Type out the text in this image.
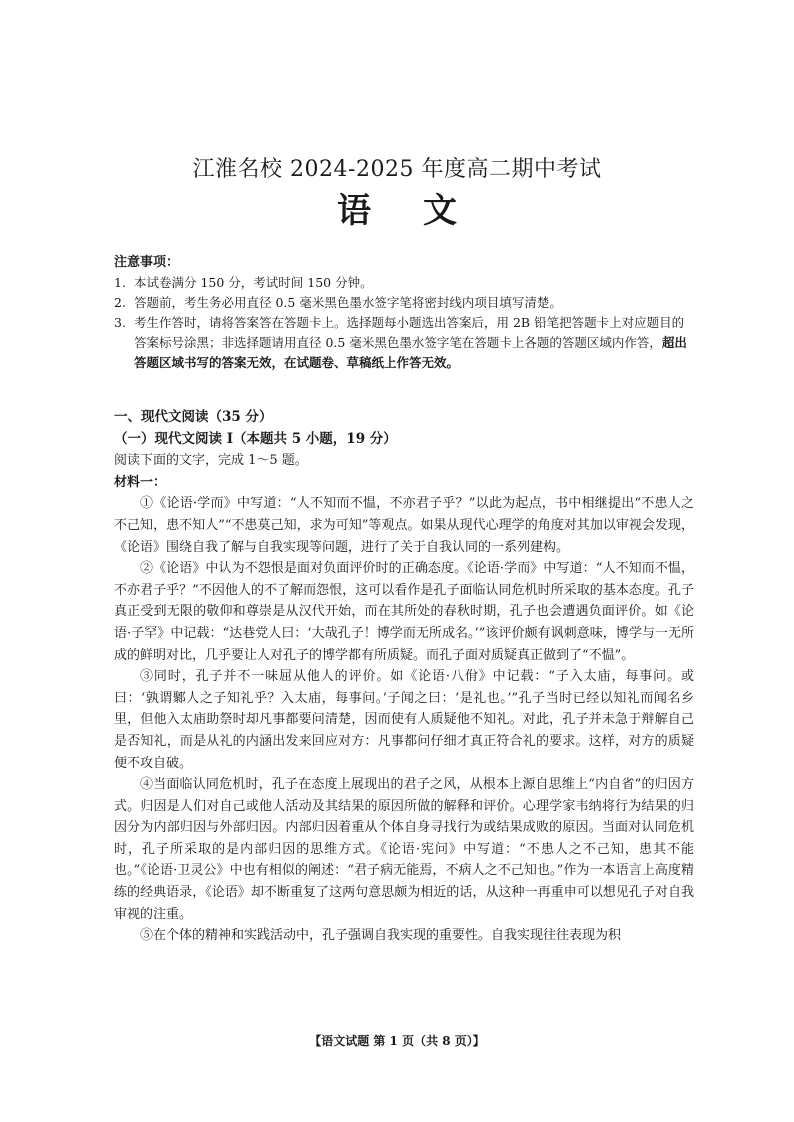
江淮名校 2024-2025 年度高二期中考试
语文
注意事项：
1. 本试卷满分 150 分，考试时间 150 分钟。
2. 答题前，考生务必用直径 0.5 毫米黑色墨水签字笔将密封线内项目填写清楚。
3. 考生作答时，请将答案答在答题卡上。选择题每小题选出答案后，用 2B 铅笔把答题卡上对应题目的答案标号涂黑；非选择题请用直径 0.5 毫米黑色墨水签字笔在答题卡上各题的答题区域内作答，超出答题区域书写的答案无效，在试题卷、草稿纸上作答无效。
一、现代文阅读（35 分）
（一）现代文阅读 I（本题共 5 小题，19 分）
阅读下面的文字，完成 1～5 题。
材料一：

①《论语·学而》中写道：“人不知而不愠，不亦君子乎？”以此为起点，书中相继提出“不患人之不己知，患不知人”“不患莫己知，求为可知”等观点。如果从现代心理学的角度对其加以审视会发现，《论语》围绕自我了解与自我实现等问题，进行了关于自我认同的一系列建构。

②《论语》中认为不怨恨是面对负面评价时的正确态度。《论语·学而》中写道：“人不知而不愠，不亦君子乎？”不因他人的不了解而怨恨，这可以看作是孔子面临认同危机时所采取的基本态度。孔子真正受到无限的敬仰和尊崇是从汉代开始，而在其所处的春秋时期，孔子也会遭遇负面评价。如《论语·子罕》中记载：“达巷党人曰：‘大哉孔子！博学而无所成名。’”该评价颇有讽刺意味，博学与一无所成的鲜明对比，几乎要让人对孔子的博学都有所质疑。而孔子面对质疑真正做到了“不愠”。

③同时，孔子并不一味屈从他人的评价。如《论语·八佾》中记载：“子入太庙，每事问。或曰：‘孰谓鄹人之子知礼乎？入太庙，每事问。’子闻之曰：‘是礼也。’”孔子当时已经以知礼而闻名乡里，但他入太庙助祭时却凡事都要问清楚，因而使有人质疑他不知礼。对此，孔子并未急于辩解自己是否知礼，而是从礼的内涵出发来回应对方：凡事都问仔细才真正符合礼的要求。这样，对方的质疑便不攻自破。

④当面临认同危机时，孔子在态度上展现出的君子之风，从根本上源自思维上“内自省”的归因方式。归因是人们对自己或他人活动及其结果的原因所做的解释和评价。心理学家韦纳将行为结果的归因分为内部归因与外部归因。内部归因着重从个体自身寻找行为或结果成败的原因。当面对认同危机时，孔子所采取的是内部归因的思维方式。《论语·宪问》中写道：“不患人之不己知，患其不能也。”《论语·卫灵公》中也有相似的阐述：“君子病无能焉，不病人之不己知也。”作为一本语言上高度精练的经典语录，《论语》却不断重复了这两句意思颇为相近的话，从这种一再重申可以想见孔子对自我审视的注重。

⑤在个体的精神和实践活动中，孔子强调自我实现的重要性。自我实现往往表现为积

【语文试题 第 1 页（共 8 页）】
